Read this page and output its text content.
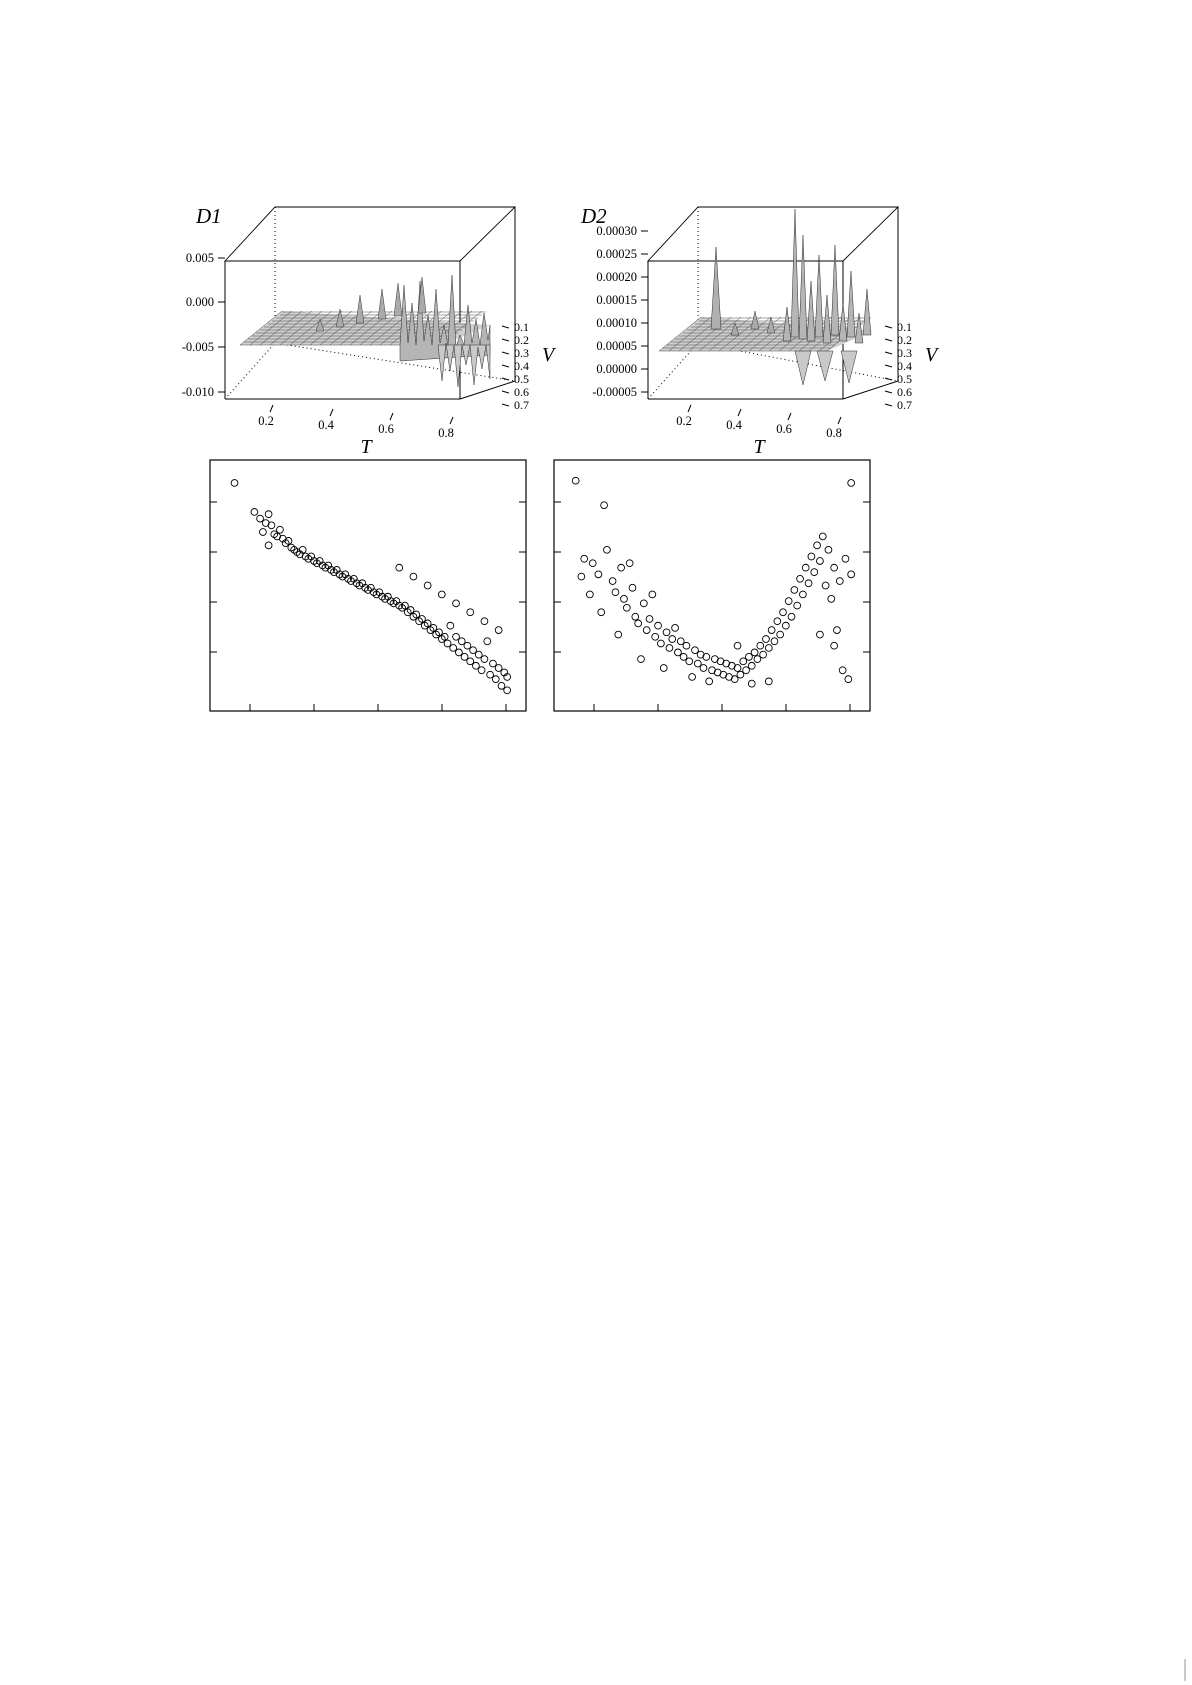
D1
0.005
0.000
-0.005
-0.010
0.2	0.4	0.6	0.8
T
0.1
0.2
0.3
0.4
0.5
0.6
0.7
V
D2
0.00030
0.00025
0.00020
0.00015
0.00010
0.00005
0.00000
-0.00005
0.2	0.4	0.6	0.8
T
0.1
0.2
0.3
0.4
0.5
0.6
0.7
V
